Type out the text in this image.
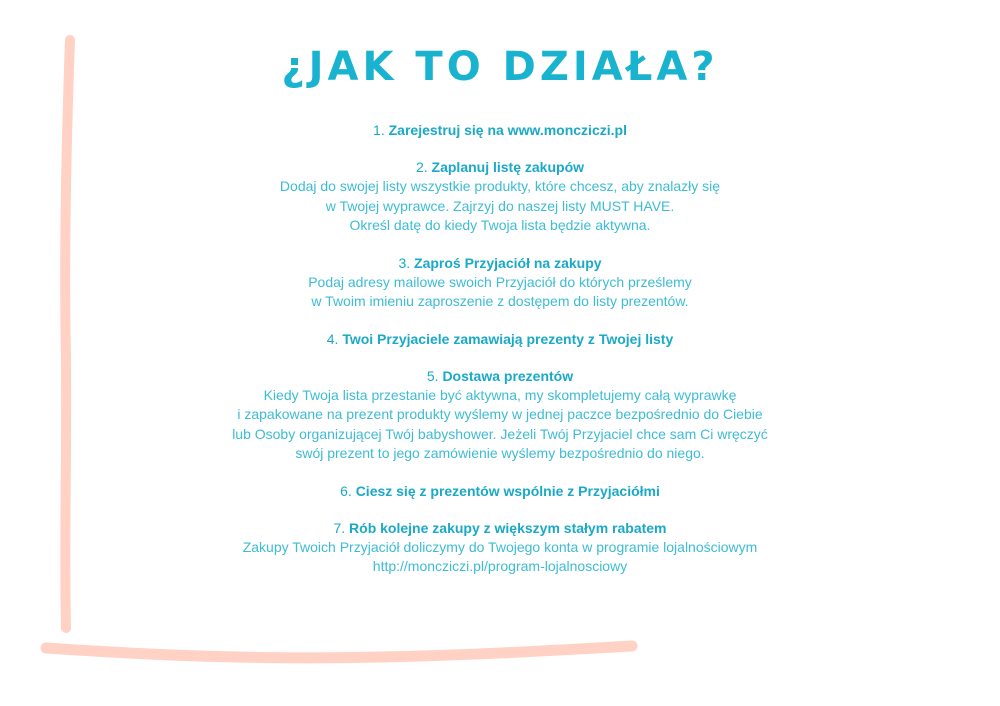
¿JAK TO DZIAŁA?
1. Zarejestruj się na www.monczi​czi.pl
2. Zaplanuj listę zakupów
Dodaj do swojej listy wszystkie produkty, które chcesz, aby znalazły się
w Twojej wyprawce. Zajrzyj do naszej listy MUST HAVE.
Określ datę do kiedy Twoja lista będzie aktywna.
3. Zaproś Przyjaciół na zakupy
Podaj adresy mailowe swoich Przyjaciół do których prześlemy
w Twoim imieniu zaproszenie z dostępem do listy prezentów.
4. Twoi Przyjaciele zamawiają prezenty z Twojej listy
5. Dostawa prezentów
Kiedy Twoja lista przestanie być aktywna, my skompletujemy całą wyprawkę
i zapakowane na prezent produkty wyślemy w jednej paczce bezpośrednio do Ciebie
lub Osoby organizującej Twój babyshower. Jeżeli Twój Przyjaciel chce sam Ci wręczyć
swój prezent to jego zamówienie wyślemy bezpośrednio do niego.
6. Ciesz się z prezentów wspólnie z Przyjaciółmi
7. Rób kolejne zakupy z większym stałym rabatem
Zakupy Twoich Przyjaciół doliczymy do Twojego konta w programie lojalnościowym
http://monczi​czi.pl/program-lojalnosciowy
